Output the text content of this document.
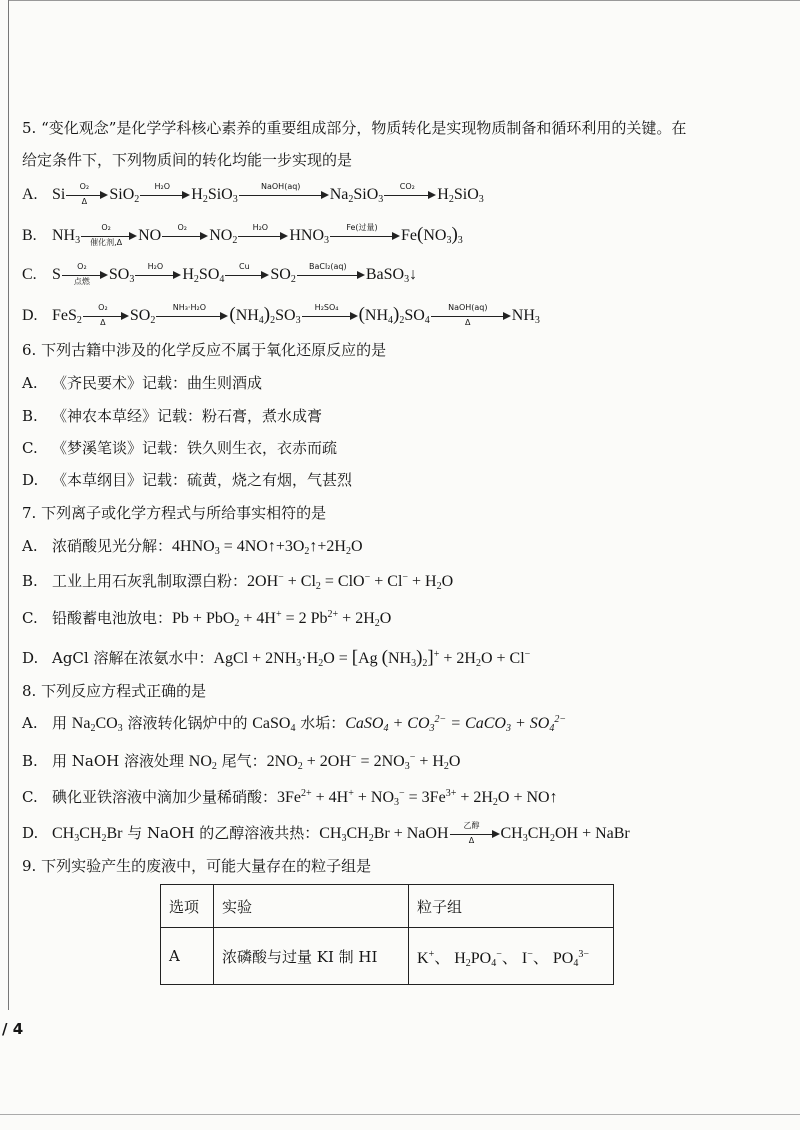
5. “变化观念”是化学学科核心素养的重要组成部分，物质转化是实现物质制备和循环利用的关键。在
给定条件下，下列物质间的转化均能一步实现的是
A. Si $\frac{\text{O₂}}{\Delta} SiO_2$
H₂O	$H_2SiO_3$
NaOH(aq)	$Na_2SiO_3$
CO₂	$H_2SiO_3$
B. $NH_3$
O₂
催化剂,Δ	NO	O₂	$NO_2$
H₂O	$HNO_3$
Fe(过量)	$Fe(NO_3)_3$
C. S	O₂
点燃	$SO_3$
H₂O	$H_2SO_4$
Cu	$SO_2$
BaCl₂(aq)	BaSO$_3$↓
D. $FeS_2 \frac{\text{O₂}}{\Delta} SO_2$
NH₃·H₂O	$(NH_4)_2SO_3$
H₂SO₄	$(NH_4)_2SO_4$
NaOH(aq)
Δ	$NH_3$
6. 下列古籍中涉及的化学反应不属于氧化还原反应的是
A. 《齐民要术》记载：曲生则酒成
B. 《神农本草经》记载：粉石膏，煮水成膏
C. 《梦溪笔谈》记载：铁久则生衣，衣赤而疏
D. 《本草纲目》记载：硫黄，烧之有烟，气甚烈
7. 下列离子或化学方程式与所给事实相符的是
A. 浓硝酸见光分解：$4HNO_3$ = $4NO↑+3O_2↑+2H_2O$
B. 工业上用石灰乳制取漂白粉：$2OH^- + Cl_2 = ClO^- + Cl^- + H_2O$
C. 铅酸蓄电池放电：Pb + PbO$_2$ + 4H+ = 2 $Pb^{2+} + 2H_2O$
D. AgCl 溶解在浓氨水中：AgCl + $2NH_3\cdot H_2O = [Ag$ $(NH_3)_2]^+ + 2H_2O + Cl^-$
8. 下列反应方程式正确的是
A. 用 $Na_2CO_3$ 溶液转化锅炉中的 CaSO$_4$ 水垢：CaSO$_4$ + $CO_3^{2-}$ = CaCO$_3$ + $SO_4^{2-}$
B. 用 NaOH 溶液处理 $NO_2$ 尾气：$2NO_2 + 2OH^- = 2NO_3^- + H_2O$
C. 碘化亚铁溶液中滴加少量稀硝酸：$3Fe^{2+} + 4H^+ + NO_3^- = 3Fe^{3+} + 2H_2O$ + NO↑
D. $CH_3CH_2Br$ 与 NaOH 的乙醇溶液共热：$CH_3CH_2Br$ + NaOH	乙醇
Δ	$CH_3CH_2OH$ + NaBr
9. 下列实验产生的废液中，可能大量存在的粒子组是
选项	实验	粒子组
A	浓磷酸与过量 KI 制 HI	K+、 $H_2PO_4^-$、 I−、 $PO_4^{3-}$
/ 4
